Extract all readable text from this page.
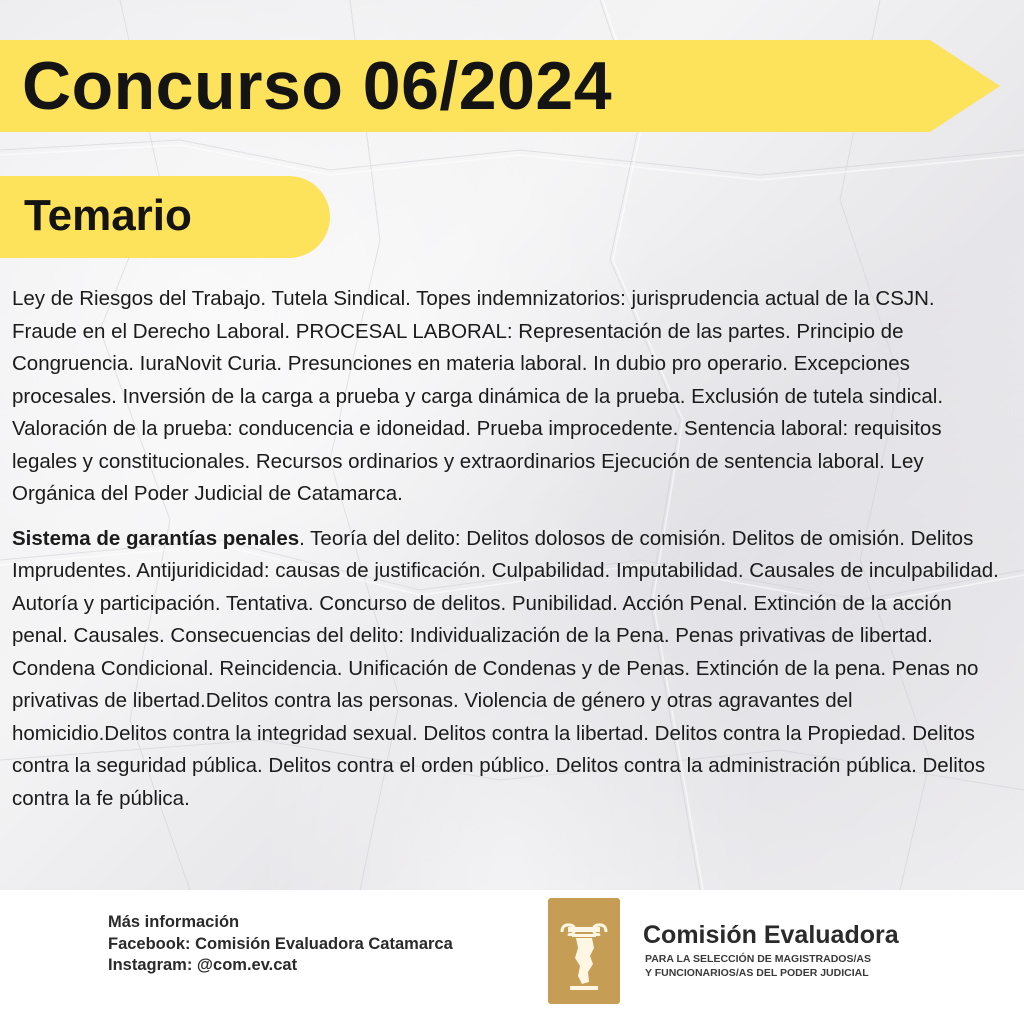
Concurso 06/2024
Temario

Ley de Riesgos del Trabajo. Tutela Sindical. Topes indemnizatorios: jurisprudencia actual de la CSJN. Fraude en el Derecho Laboral. PROCESAL LABORAL: Representación de las partes. Principio de Congruencia. IuraNovit Curia. Presunciones en materia laboral. In dubio pro operario. Excepciones procesales. Inversión de la carga a prueba y carga dinámica de la prueba. Exclusión de tutela sindical. Valoración de la prueba: conducencia e idoneidad. Prueba improcedente. Sentencia laboral: requisitos legales y constitucionales. Recursos ordinarios y extraordinarios Ejecución de sentencia laboral. Ley Orgánica del Poder Judicial de Catamarca.

Sistema de garantías penales. Teoría del delito: Delitos dolosos de comisión. Delitos de omisión. Delitos Imprudentes. Antijuridicidad: causas de justificación. Culpabilidad. Imputabilidad. Causales de inculpabilidad. Autoría y participación. Tentativa. Concurso de delitos. Punibilidad. Acción Penal. Extinción de la acción penal. Causales. Consecuencias del delito: Individualización de la Pena. Penas privativas de libertad. Condena Condicional. Reincidencia. Unificación de Condenas y de Penas. Extinción de la pena. Penas no privativas de libertad.Delitos contra las personas. Violencia de género y otras agravantes del homicidio.Delitos contra la integridad sexual. Delitos contra la libertad. Delitos contra la Propiedad. Delitos contra la seguridad pública. Delitos contra el orden público. Delitos contra la administración pública. Delitos contra la fe pública.

Más información
Facebook: Comisión Evaluadora Catamarca
Instagram: @com.ev.cat
Comisión Evaluadora
PARA LA SELECCIÓN DE MAGISTRADOS/AS
Y FUNCIONARIOS/AS DEL PODER JUDICIAL
